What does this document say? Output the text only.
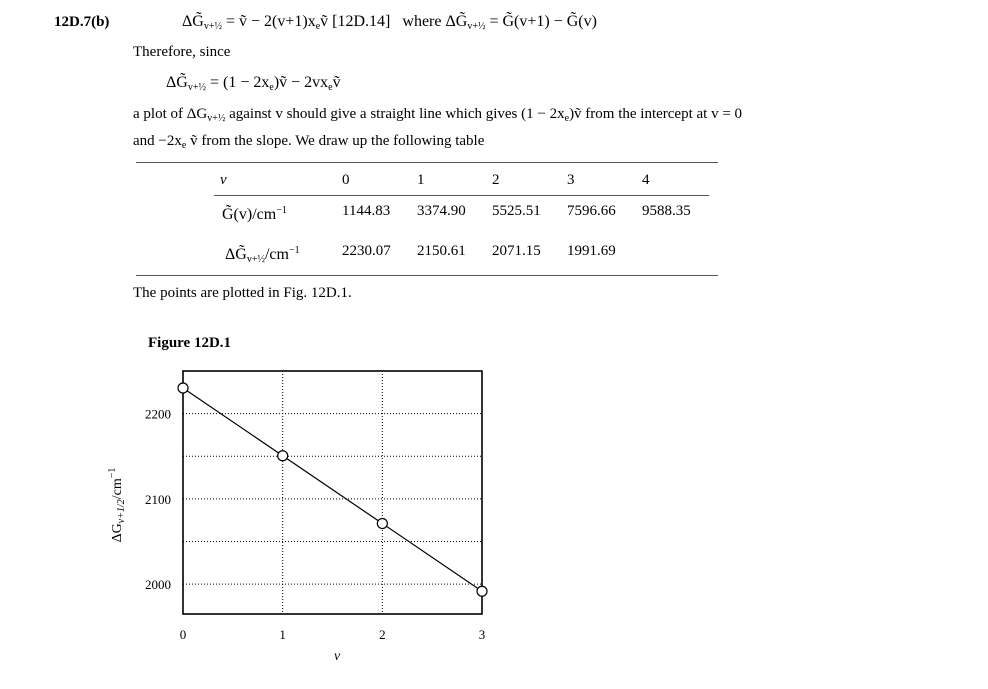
12D.7(b)	$\Delta G̃_{v+\frac{1}{2}}$ = ṽ − $2(v+1)x_eṽ$ [12D.14] where $\Delta G̃_{v+\frac{1}{2}}$ = G̃(v+1) − G̃(v)
Therefore, since
$\Delta G̃_{v+\frac{1}{2}} = (1$ − $2x_e)ṽ$ − $2vx_eṽ$
a plot of $\Delta G_{v+\frac{1}{2}}$ against v should give a straight line which gives $(1 - 2x_e)ṽ$ from the intercept at v = 0
and $-2x_e$ ṽ from the slope. We draw up the following table
v	0	1	2	3	4
$G̃(v)/cm^{-1}$	1144.83 3374.90 5525.51 7596.66 9588.35
$\Delta G̃_{v+\frac{1}{2}}/cm^{-1}$	2230.07 2150.61 2071.15 1991.69
The points are plotted in Fig. 12D.1.
Figure 12D.1
0	1	2	3
2000
2100
2200
$\Delta G_{v+1/2}/cm^{-1}$
v
